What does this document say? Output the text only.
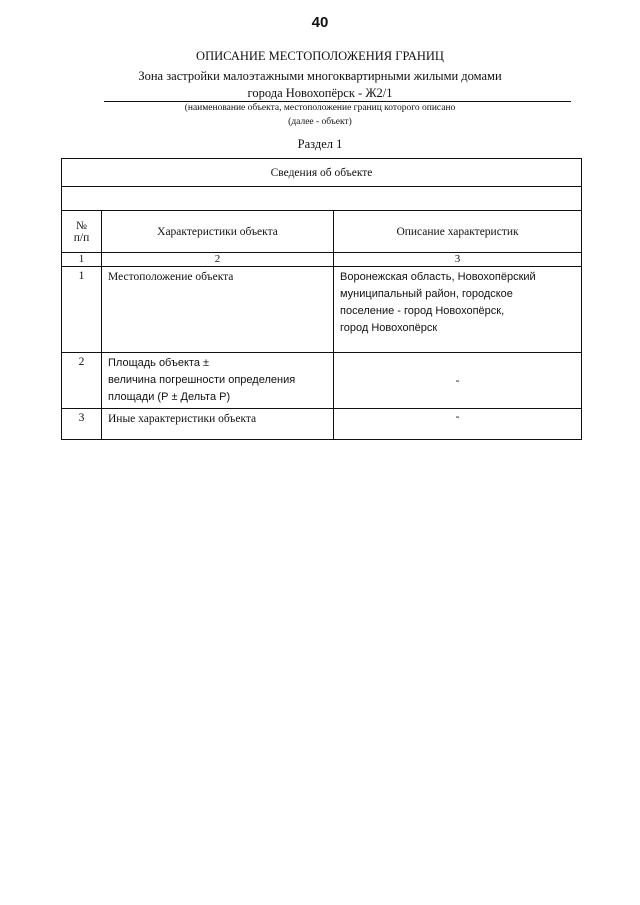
40
ОПИСАНИЕ МЕСТОПОЛОЖЕНИЯ ГРАНИЦ
Зона застройки малоэтажными многоквартирными жилыми домами
города Новохопёрск - Ж2/1
(наименование объекта, местоположение границ которого описано
(далее - объект)
Раздел 1
Сведения об объекте		

№
п/п	Характеристики объекта	Описание характеристик
1	2	3
1	Местоположение объекта	Воронежская область, Новохопёрский
муниципальный район, городское
поселение - город Новохопёрск,
город Новохопёрск

2	Площадь объекта ±
величина погрешности определения
площади (Р ± Дельта Р)	-
3	Иные характеристики объекта	-
